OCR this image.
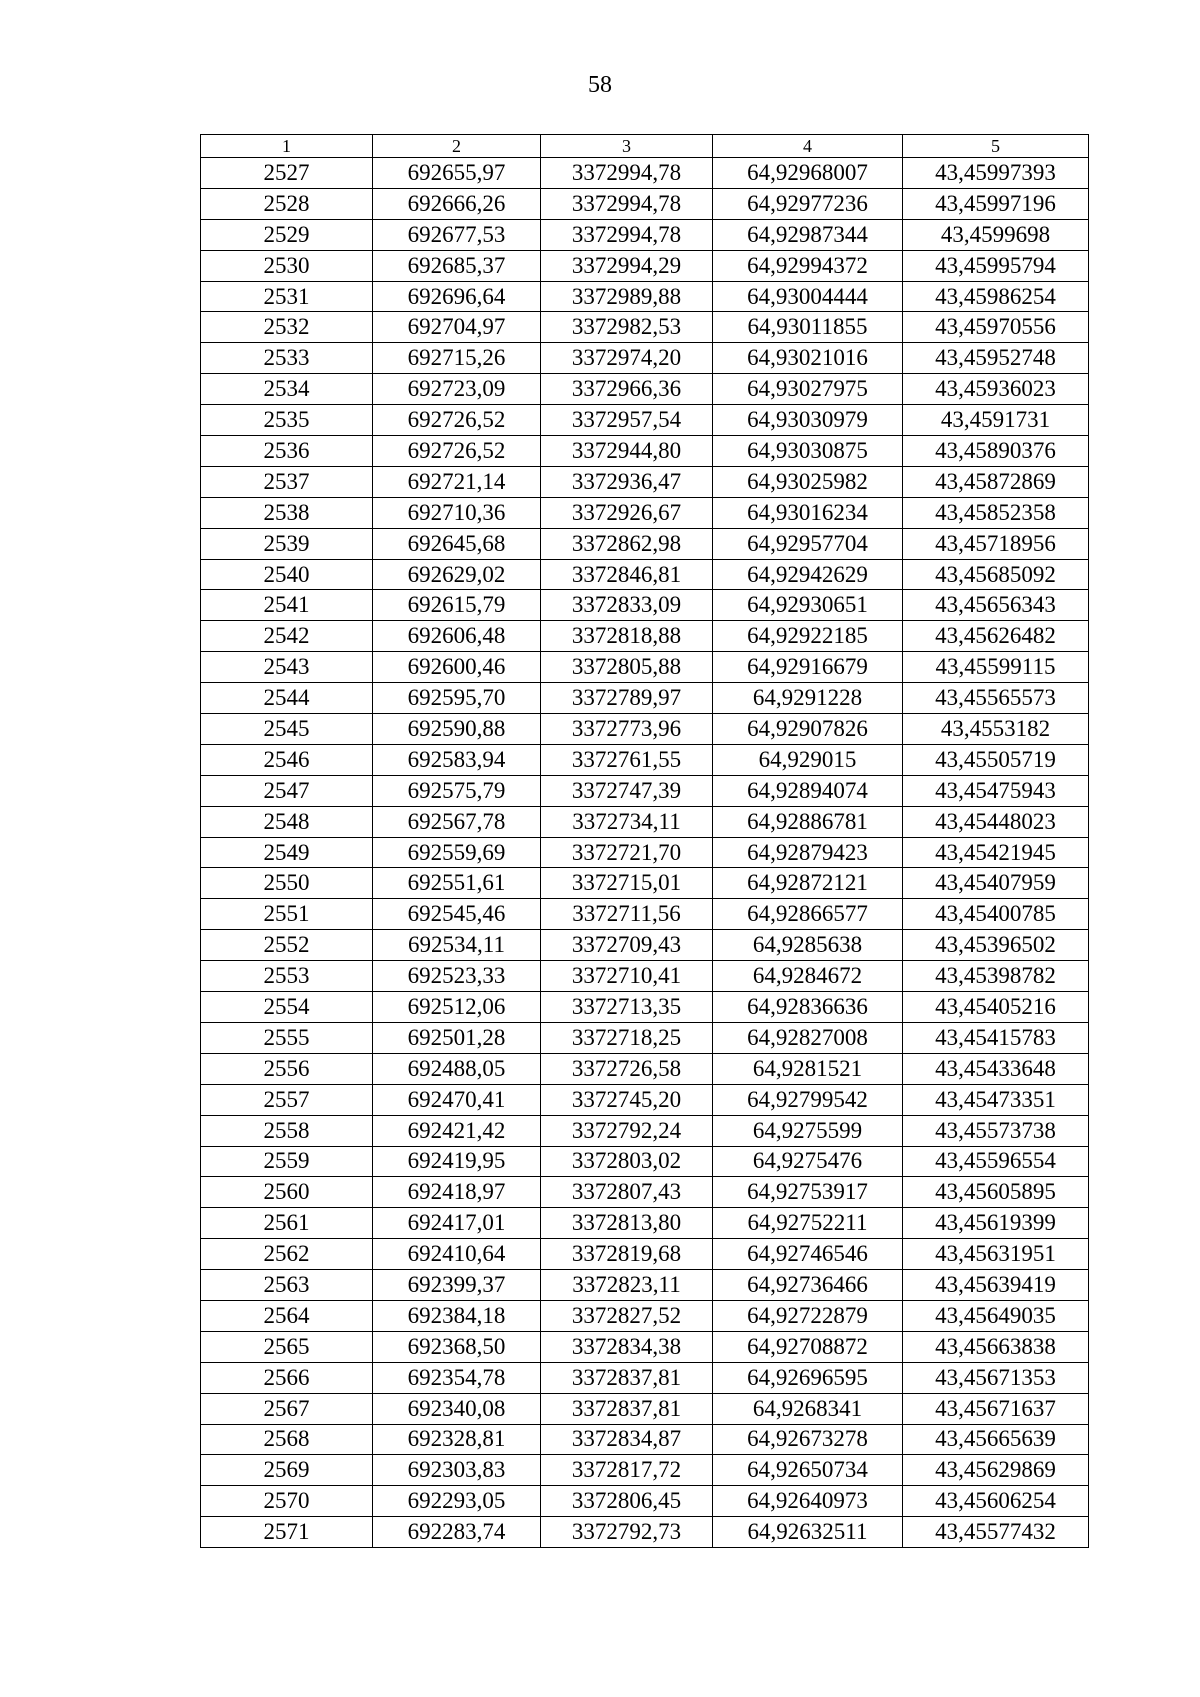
58
1	2	3	4	5
2527	692655,97	3372994,78	64,92968007	43,45997393
2528	692666,26	3372994,78	64,92977236	43,45997196
2529	692677,53	3372994,78	64,92987344	43,4599698
2530	692685,37	3372994,29	64,92994372	43,45995794
2531	692696,64	3372989,88	64,93004444	43,45986254
2532	692704,97	3372982,53	64,93011855	43,45970556
2533	692715,26	3372974,20	64,93021016	43,45952748
2534	692723,09	3372966,36	64,93027975	43,45936023
2535	692726,52	3372957,54	64,93030979	43,4591731
2536	692726,52	3372944,80	64,93030875	43,45890376
2537	692721,14	3372936,47	64,93025982	43,45872869
2538	692710,36	3372926,67	64,93016234	43,45852358
2539	692645,68	3372862,98	64,92957704	43,45718956
2540	692629,02	3372846,81	64,92942629	43,45685092
2541	692615,79	3372833,09	64,92930651	43,45656343
2542	692606,48	3372818,88	64,92922185	43,45626482
2543	692600,46	3372805,88	64,92916679	43,45599115
2544	692595,70	3372789,97	64,9291228	43,45565573
2545	692590,88	3372773,96	64,92907826	43,4553182
2546	692583,94	3372761,55	64,929015	43,45505719
2547	692575,79	3372747,39	64,92894074	43,45475943
2548	692567,78	3372734,11	64,92886781	43,45448023
2549	692559,69	3372721,70	64,92879423	43,45421945
2550	692551,61	3372715,01	64,92872121	43,45407959
2551	692545,46	3372711,56	64,92866577	43,45400785
2552	692534,11	3372709,43	64,9285638	43,45396502
2553	692523,33	3372710,41	64,9284672	43,45398782
2554	692512,06	3372713,35	64,92836636	43,45405216
2555	692501,28	3372718,25	64,92827008	43,45415783
2556	692488,05	3372726,58	64,9281521	43,45433648
2557	692470,41	3372745,20	64,92799542	43,45473351
2558	692421,42	3372792,24	64,9275599	43,45573738
2559	692419,95	3372803,02	64,9275476	43,45596554
2560	692418,97	3372807,43	64,92753917	43,45605895
2561	692417,01	3372813,80	64,92752211	43,45619399
2562	692410,64	3372819,68	64,92746546	43,45631951
2563	692399,37	3372823,11	64,92736466	43,45639419
2564	692384,18	3372827,52	64,92722879	43,45649035
2565	692368,50	3372834,38	64,92708872	43,45663838
2566	692354,78	3372837,81	64,92696595	43,45671353
2567	692340,08	3372837,81	64,9268341	43,45671637
2568	692328,81	3372834,87	64,92673278	43,45665639
2569	692303,83	3372817,72	64,92650734	43,45629869
2570	692293,05	3372806,45	64,92640973	43,45606254
2571	692283,74	3372792,73	64,92632511	43,45577432
